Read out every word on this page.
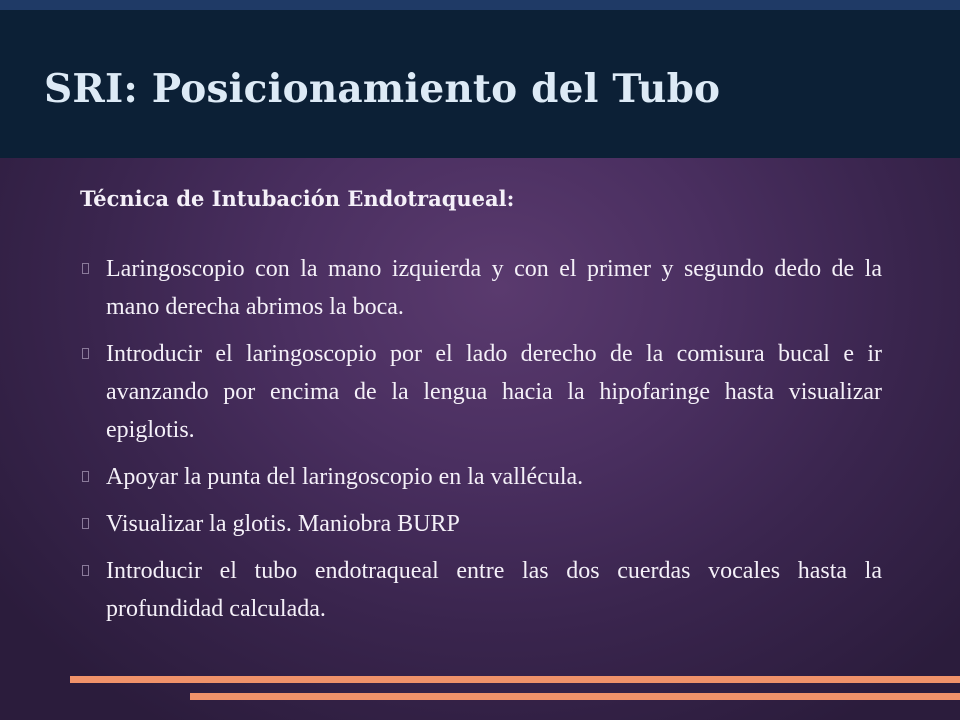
SRI: Posicionamiento del Tubo
Técnica de Intubación Endotraqueal:
Laringoscopio con la mano izquierda y con el primer y segundo dedo de la mano derecha abrimos la boca.
Introducir el laringoscopio por el lado derecho de la comisura bucal e ir avanzando por encima de la lengua hacia la hipofaringe hasta visualizar epiglotis.
Apoyar la punta del laringoscopio en la vallécula.
Visualizar la glotis. Maniobra BURP
Introducir el tubo endotraqueal entre las dos cuerdas vocales hasta la profundidad calculada.
